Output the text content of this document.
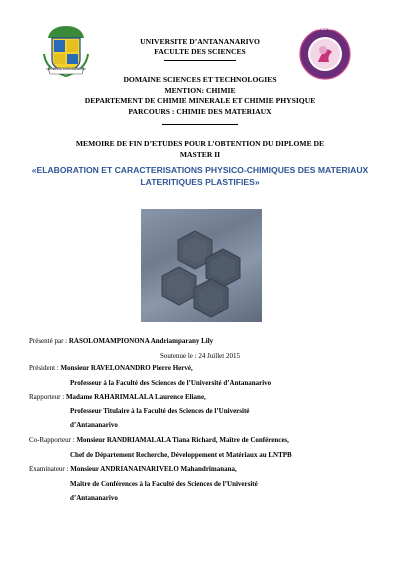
UNIVERSITE D'ANTANANARIVO
FACULTE DES SCIENCES
UNIVERSITE D’ANTANANARIVO
FACULTE DES SCIENCES
DOMAINE SCIENCES ET TECHNOLOGIES
MENTION: CHIMIE
DEPARTEMENT DE CHIMIE MINERALE ET CHIMIE PHYSIQUE
PARCOURS : CHIMIE DES MATERIAUX
MEMOIRE DE FIN D’ETUDES POUR L’OBTENTION DU DIPLOME DE
MASTER II
«ELABORATION ET CARACTERISATIONS PHYSICO-CHIMIQUES DES MATERIAUX
LATERITIQUES PLASTIFIES»
Présenté par : RASOLOMAMPIONONA Andriamparany Lily
Soutenue le : 24 Juillet 2015
Président : Monsieur RAVELONANDRO Pierre Hervé,
Professeur à la Faculté des Sciences de l’Université d’Antananarivo
Rapporteur : Madame RAHARIMALALA Laurence Eliane,
Professeur Titulaire à la Faculté des Sciences de l’Université
d’Antananarivo
Co-Rapporteur : Monsieur RANDRIAMALALA Tiana Richard, Maître de Conférences,
Chef de Département Recherche, Développement et Matériaux au LNTPB
Examinateur : Monsieur ANDRIANAINARIVELO Mahandrimanana,
Maître de Conférences à la Faculté des Sciences de l’Université
d’Antananarivo
